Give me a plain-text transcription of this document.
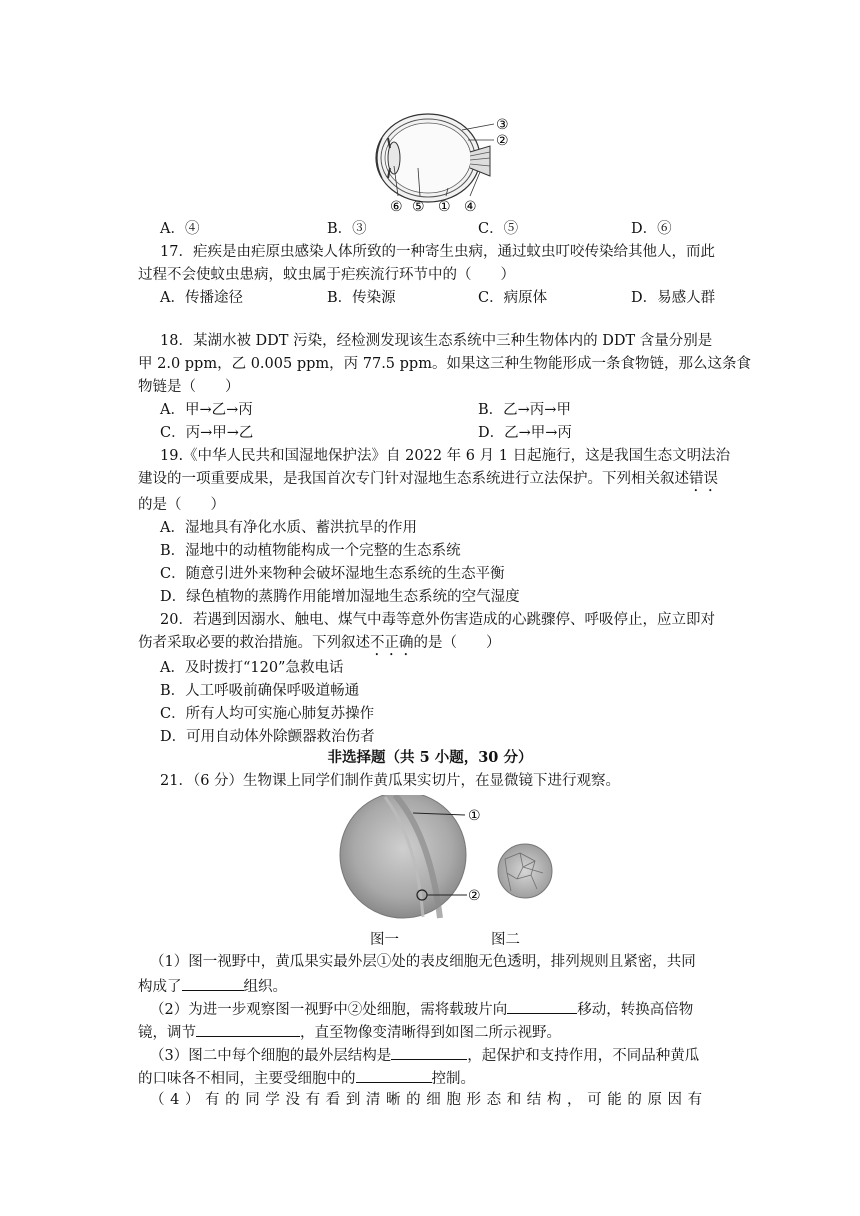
③
②
⑥ ⑤ ① ④
A．④	B．③	C．⑤	D．⑥
17．疟疾是由疟原虫感染人体所致的一种寄生虫病，通过蚊虫叮咬传染给其他人，而此
过程不会使蚊虫患病，蚊虫属于疟疾流行环节中的（　　）
A．传播途径	B．传染源	C．病原体	D．易感人群
18．某湖水被 DDT 污染，经检测发现该生态系统中三种生物体内的 DDT 含量分别是
甲 2.0 ppm，乙 0.005 ppm，丙 77.5 ppm。如果这三种生物能形成一条食物链，那么这条食
物链是（　　）
A．甲→乙→丙	B．乙→丙→甲
C．丙→甲→乙	D．乙→甲→丙
19.《中华人民共和国湿地保护法》自 2022 年 6 月 1 日起施行，这是我国生态文明法治
建设的一项重要成果，是我国首次专门针对湿地生态系统进行立法保护。下列相关叙述错误
的是（　　）
A．湿地具有净化水质、蓄洪抗旱的作用
B．湿地中的动植物能构成一个完整的生态系统
C．随意引进外来物种会破坏湿地生态系统的生态平衡
D．绿色植物的蒸腾作用能增加湿地生态系统的空气湿度
20．若遇到因溺水、触电、煤气中毒等意外伤害造成的心跳骤停、呼吸停止，应立即对
伤者采取必要的救治措施。下列叙述不正确的是（　　）
A．及时拨打“120”急救电话
B．人工呼吸前确保呼吸道畅通
C．所有人均可实施心肺复苏操作
D．可用自动体外除颤器救治伤者
非选择题（共 5 小题，30 分）
21．（6 分）生物课上同学们制作黄瓜果实切片，在显微镜下进行观察。
①
②
图一	图二
（1）图一视野中，黄瓜果实最外层①处的表皮细胞无色透明，排列规则且紧密，共同
构成了	组织。
（2）为进一步观察图一视野中②处细胞，需将载玻片向	移动，转换高倍物
镜，调节	，直至物像变清晰得到如图二所示视野。
（3）图二中每个细胞的最外层结构是	，起保护和支持作用，不同品种黄瓜
的口味各不相同，主要受细胞中的	控制。
（ 4 ） 有 的 同 学 没 有 看 到 清 晰 的 细 胞 形 态 和 结 构 ， 可 能 的 原 因 有
